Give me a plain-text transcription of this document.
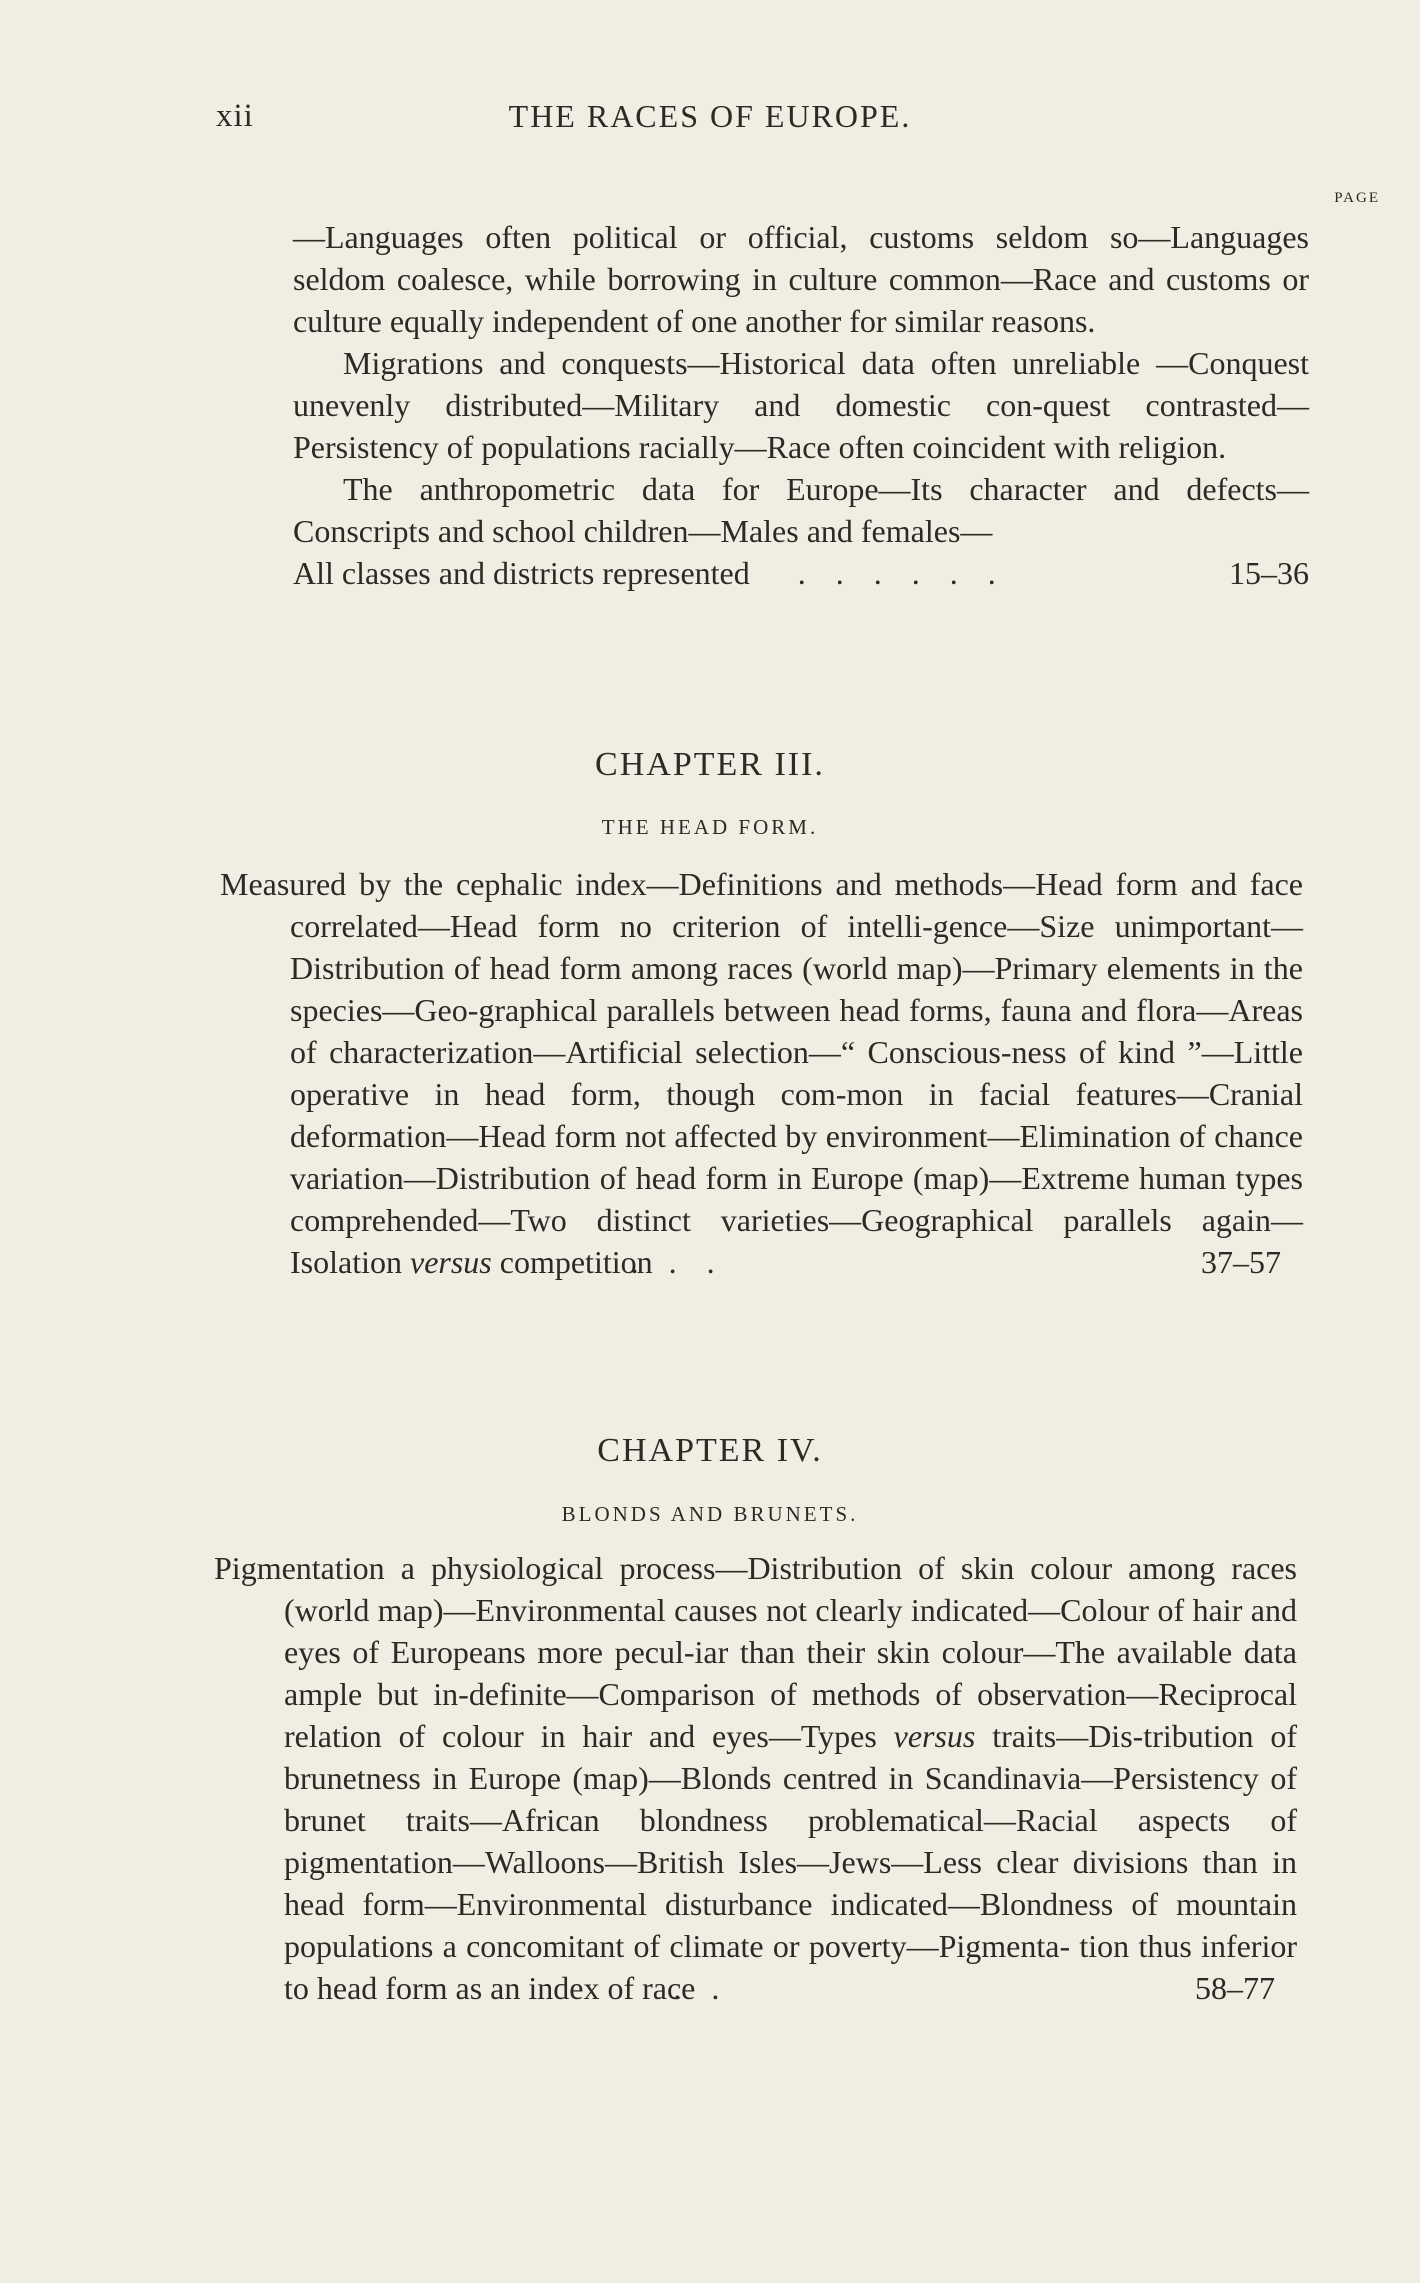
xii	THE RACES OF EUROPE.
PAGE

—Languages often political or official, customs seldom so—Languages seldom coalesce, while borrowing in culture common—Race and customs or culture equally independent of one another for similar reasons.

Migrations and conquests—Historical data often unreliable —Conquest unevenly distributed—Military and domestic con-quest contrasted—Persistency of populations racially—Race often coincident with religion.

The anthropometric data for Europe—Its character and defects—Conscripts and school children—Males and females—

All classes and districts represented ......	15–36

CHAPTER III.
THE HEAD FORM.

Measured by the cephalic index—Definitions and methods—Head form and face correlated—Head form no criterion of intelli-gence—Size unimportant—Distribution of head form among races (world map)—Primary elements in the species—Geo-graphical parallels between head forms, fauna and flora—Areas of characterization—Artificial selection—“ Conscious-ness of kind ”—Little operative in head form, though com-mon in facial features—Cranial deformation—Head form not affected by environment—Elimination of chance variation—Distribution of head form in Europe (map)—Extreme human types comprehended—Two distinct varieties—Geographical parallels again—Isolation versus competition ...	37–57

CHAPTER IV.
BLONDS AND BRUNETS.

Pigmentation a physiological process—Distribution of skin colour among races (world map)—Environmental causes not clearly indicated—Colour of hair and eyes of Europeans more pecul-iar than their skin colour—The available data ample but in-definite—Comparison of methods of observation—Reciprocal relation of colour in hair and eyes—Types versus traits—Dis-tribution of brunetness in Europe (map)—Blonds centred in Scandinavia—Persistency of brunet traits—African blondness problematical—Racial aspects of pigmentation—Walloons—British Isles—Jews—Less clear divisions than in head form—Environmental disturbance indicated—Blondness of mountain populations a concomitant of climate or poverty—Pigmenta- tion thus inferior to head form as an index of race ..	58–77
